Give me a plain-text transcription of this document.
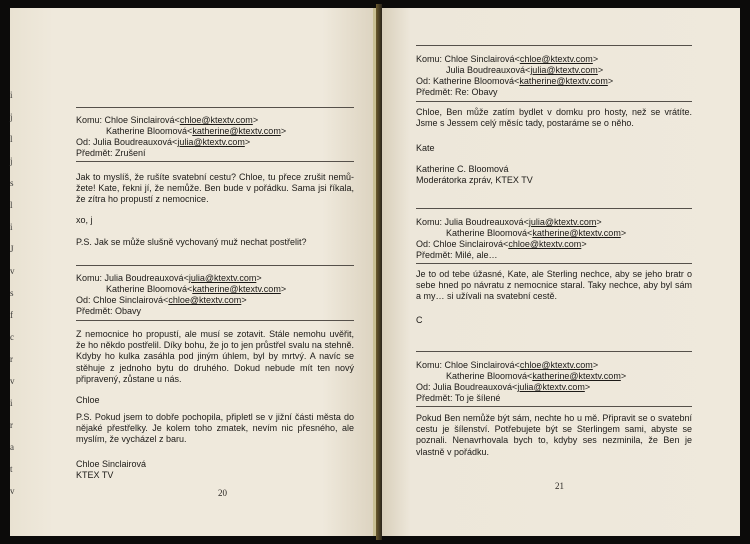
Komu: Chloe Sinclairová<chloe@ktextv.com>
Katherine Bloomová<katherine@ktextv.com>
Od: Julia Boudreauxová<julia@ktextv.com>
Předmět: Zrušení

Jak to myslíš, že rušíte svatební cestu? Chloe, tu přece zrušit nemů-žete! Kate, řekni jí, že nemůže. Ben bude v pořádku. Sama jsi říkala, že zítra ho propustí z nemocnice.

xo, j
P.S. Jak se může slušně vychovaný muž nechat postřelit?
Komu: Julia Boudreauxová<julia@ktextv.com>
Katherine Bloomová<katherine@ktextv.com>
Od: Chloe Sinclairová<chloe@ktextv.com>
Předmět: Obavy

Z nemocnice ho propustí, ale musí se zotavit. Stále nemohu uvěřit, že ho někdo postřelil. Díky bohu, že jo to jen průstřel svalu na stehně. Kdyby ho kulka zasáhla pod jiným úhlem, byl by mrtvý. A navíc se stěhuje z jednoho bytu do druhého. Dokud nebude mít ten nový připravený, zůstane u nás.

Chloe

P.S. Pokud jsem to dobře pochopila, připletl se v jižní části města do nějaké přestřelky. Je kolem toho zmatek, nevím nic přesného, ale myslím, že vycházel z baru.

Chloe Sinclairová
KTEX TV
20
i
j
l
j
s
l
i
J
v
s
f
c
r
v
i
r
a
t
v
Komu: Chloe Sinclairová<chloe@ktextv.com>
Julia Boudreauxová<julia@ktextv.com>
Od: Katherine Bloomová<katherine@ktextv.com>
Předmět: Re: Obavy

Chloe, Ben může zatím bydlet v domku pro hosty, než se vrátíte. Jsme s Jessem celý měsíc tady, postaráme se o něho.

Kate
Katherine C. Bloomová
Moderátorka zpráv, KTEX TV
Komu: Julia Boudreauxová<julia@ktextv.com>
Katherine Bloomová<katherine@ktextv.com>
Od: Chloe Sinclairová<chloe@ktextv.com>
Předmět: Milé, ale…

Je to od tebe úžasné, Kate, ale Sterling nechce, aby se jeho bratr o sebe hned po návratu z nemocnice staral. Taky nechce, aby byl sám a my… si užívali na svatební cestě.

C
Komu: Chloe Sinclairová<chloe@ktextv.com>
Katherine Bloomová<katherine@ktextv.com>
Od: Julia Boudreauxová<julia@ktextv.com>
Předmět: To je šílené

Pokud Ben nemůže být sám, nechte ho u mě. Připravit se o svatební cestu je šílenství. Potřebujete být se Sterlingem sami, abyste se poznali. Nenavrhovala bych to, kdyby ses nezminila, že Ben je vlastně v pořádku.

21
